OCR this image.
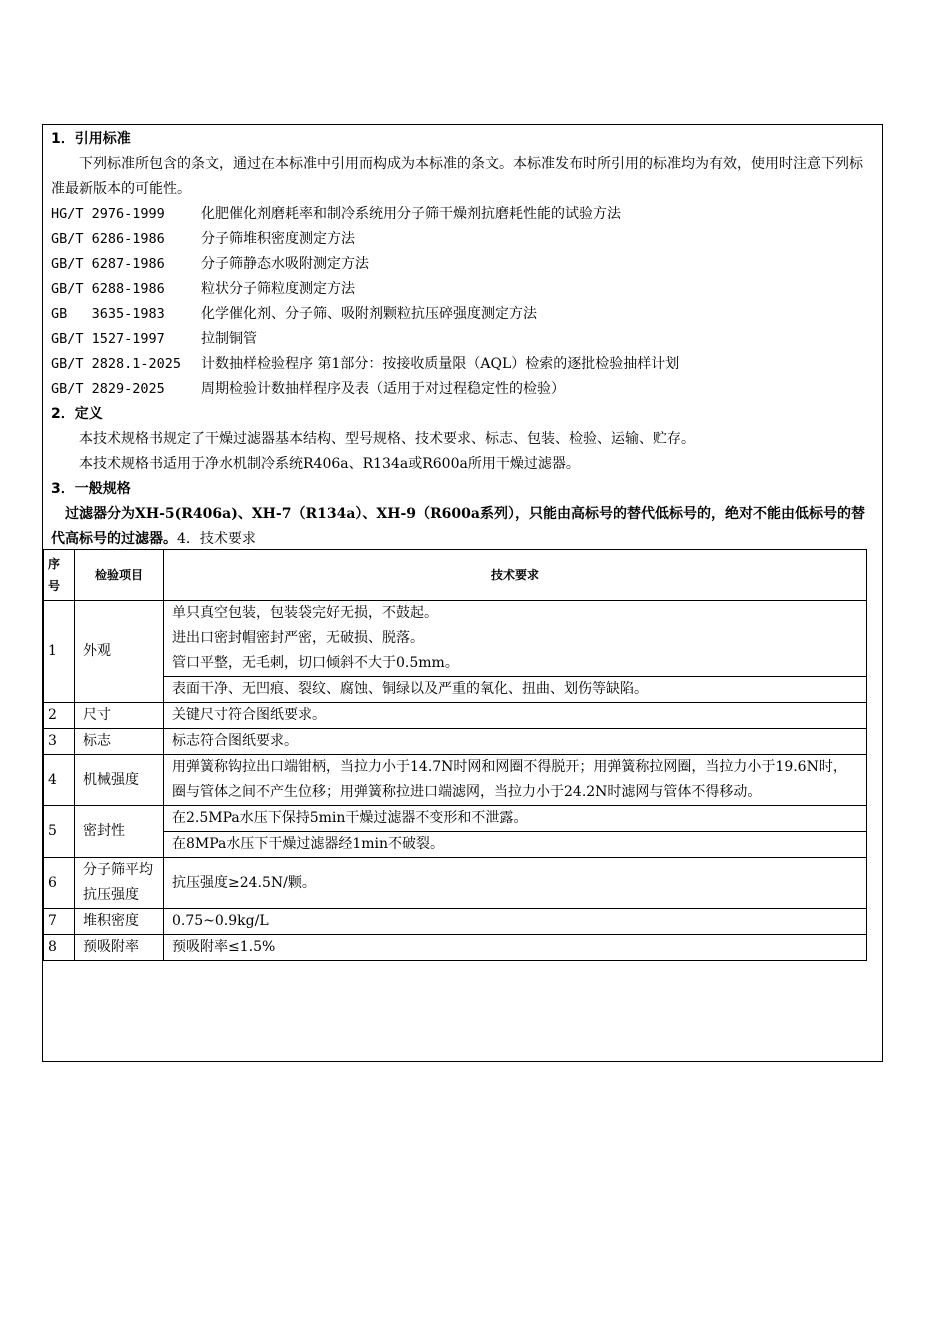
1．引用标准
下列标准所包含的条文，通过在本标准中引用而构成为本标准的条文。本标准发布时所引用的标准均为有效，使用时注意下列标准最新版本的可能性。
HG/T 2976-1999	化肥催化剂磨耗率和制冷系统用分子筛干燥剂抗磨耗性能的试验方法
GB/T 6286-1986	分子筛堆积密度测定方法
GB/T 6287-1986	分子筛静态水吸附测定方法
GB/T 6288-1986	粒状分子筛粒度测定方法
GB   3635-1983	化学催化剂、分子筛、吸附剂颗粒抗压碎强度测定方法
GB/T 1527-1997	拉制铜管
GB/T 2828.1-2025	计数抽样检验程序 第1部分：按接收质量限（AQL）检索的逐批检验抽样计划
GB/T 2829-2025	周期检验计数抽样程序及表（适用于对过程稳定性的检验）
2．定义
本技术规格书规定了干燥过滤器基本结构、型号规格、技术要求、标志、包装、检验、运输、贮存。
本技术规格书适用于净水机制冷系统R406a、R134a或R600a所用干燥过滤器。
3．一般规格
过滤器分为XH-5(R406a)、XH-7（R134a）、XH-9（R600a系列），只能由高标号的替代低标号的，绝对不能由低标号的替代高标号的过滤器。4．技术要求
序号	检验项目	技术要求
1	外观	单只真空包装，包装袋完好无损，不鼓起。
进出口密封帽密封严密，无破损、脱落。
管口平整，无毛刺，切口倾斜不大于0.5mm。

		表面干净、无凹痕、裂纹、腐蚀、铜绿以及严重的氧化、扭曲、划伤等缺陷。
2	尺寸	关键尺寸符合图纸要求。
3	标志	标志符合图纸要求。
4	机械强度	用弹簧称钩拉出口端钳柄，当拉力小于14.7N时网和网圈不得脱开；用弹簧称拉网圈，当拉力小于19.6N时，圈与管体之间不产生位移；用弹簧称拉进口端滤网，当拉力小于24.2N时滤网与管体不得移动。
5	密封性	在2.5MPa水压下保持5min干燥过滤器不变形和不泄露。
		在8MPa水压下干燥过滤器经1min不破裂。
6	分子筛平均抗压强度	抗压强度≥24.5N/颗。
7	堆积密度	0.75~0.9kg/L
8	预吸附率	预吸附率≤1.5%
